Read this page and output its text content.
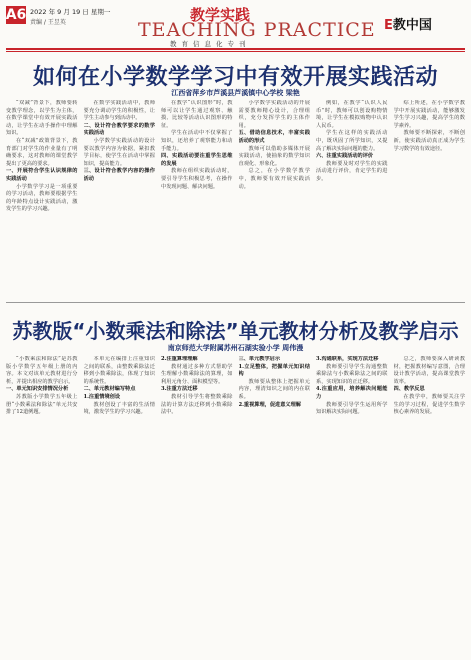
A6 2022 年 9 月 19 日 星期一
责编 / 王昱英	教学实践
TEACHING PRACTICE
教育信息化专刊
E教中国
如何在小学数学学习中有效开展实践活动
江西省萍乡市芦溪县芦溪镇中心学校 梁艳

“双减”背景下，教师要转变教学理念，以学生为主体，在数学课堂中有效开展实践活动，让学生在动手操作中理解知识。

在“双减”政策背景下，教育部门对学生的作业量有了明确要求，这对教师的课堂教学提出了更高的要求。

一、开展符合学生认识规律的实践活动

小学数学学习是一项重要的学习活动，教师要根据学生的年龄特点设计实践活动，激发学生的学习兴趣。

在数学实践活动中，教师要充分调动学生的积极性，让学生主动参与到活动中。

二、设计符合教学要求的数学实践活动

小学数学实践活动的设计要以教学内容为依据，紧扣教学目标，使学生在活动中掌握知识，提高能力。

三、设计符合教学内容的操作活动

在教学“认识图形”时，教师可以让学生通过观察、触摸、比较等活动认识图形的特征。

学生在活动中不仅掌握了知识，还培养了观察能力和动手能力。

四、实践活动要注重学生思维的发展

教师在组织实践活动时，要引导学生积极思考，在操作中发现问题、解决问题。

小学数学实践活动的开展需要教师精心设计，合理组织，充分发挥学生的主体作用。

五、借助信息技术，丰富实践活动的形式

教师可以借助多媒体开展实践活动，使抽象的数学知识直观化、形象化。

总之，在小学数学教学中，教师要有效开展实践活动。

例如，在教学“认识人民币”时，教师可以创设购物情境，让学生在模拟购物中认识人民币。

学生在这样的实践活动中，既巩固了所学知识，又提高了解决实际问题的能力。

六、注重实践活动的评价

教师要及时对学生的实践活动进行评价，肯定学生的进步。

综上所述，在小学数学教学中开展实践活动，能够激发学生学习兴趣，提高学生的数学素养。

教师要不断探索，不断创新，使实践活动真正成为学生学习数学的有效途径。

苏教版“小数乘法和除法”单元教材分析及教学启示
南京师范大学附属苏州石湖实验小学 周伟漫

“小数乘法和除法”是苏教版小学数学五年级上册的内容。本文对该单元教材进行分析，并提出相应的教学启示。

一、单元知识安排情况分析

苏教版小学数学五年级上册“小数乘法和除法”单元共安排了12道例题。

本单元在编排上注重知识之间的联系，由整数乘除法迁移到小数乘除法，体现了知识的系统性。

二、单元教材编写特点

1.注重情境创设

教材创设了丰富的生活情境，激发学生的学习兴趣。

2.注重算理理解

教材通过多种方式帮助学生理解小数乘除法的算理，如利用元角分、面积模型等。

3.注重方法迁移

教材引导学生将整数乘除法的计算方法迁移到小数乘除法中。

三、单元教学启示

1.立足整体，把握单元知识结构

教师要从整体上把握单元内容，理清知识之间的内在联系。

2.重视算理，促进意义理解

3.沟通联系，实现方法迁移

教师要引导学生沟通整数乘除法与小数乘除法之间的联系，实现知识的正迁移。

4.注重应用，培养解决问题能力

教师要引导学生运用所学知识解决实际问题。

总之，教师要深入研读教材，把握教材编写意图，合理设计教学活动，提高课堂教学效率。

四、教学反思

在教学中，教师要关注学生的学习过程，促进学生数学核心素养的发展。
